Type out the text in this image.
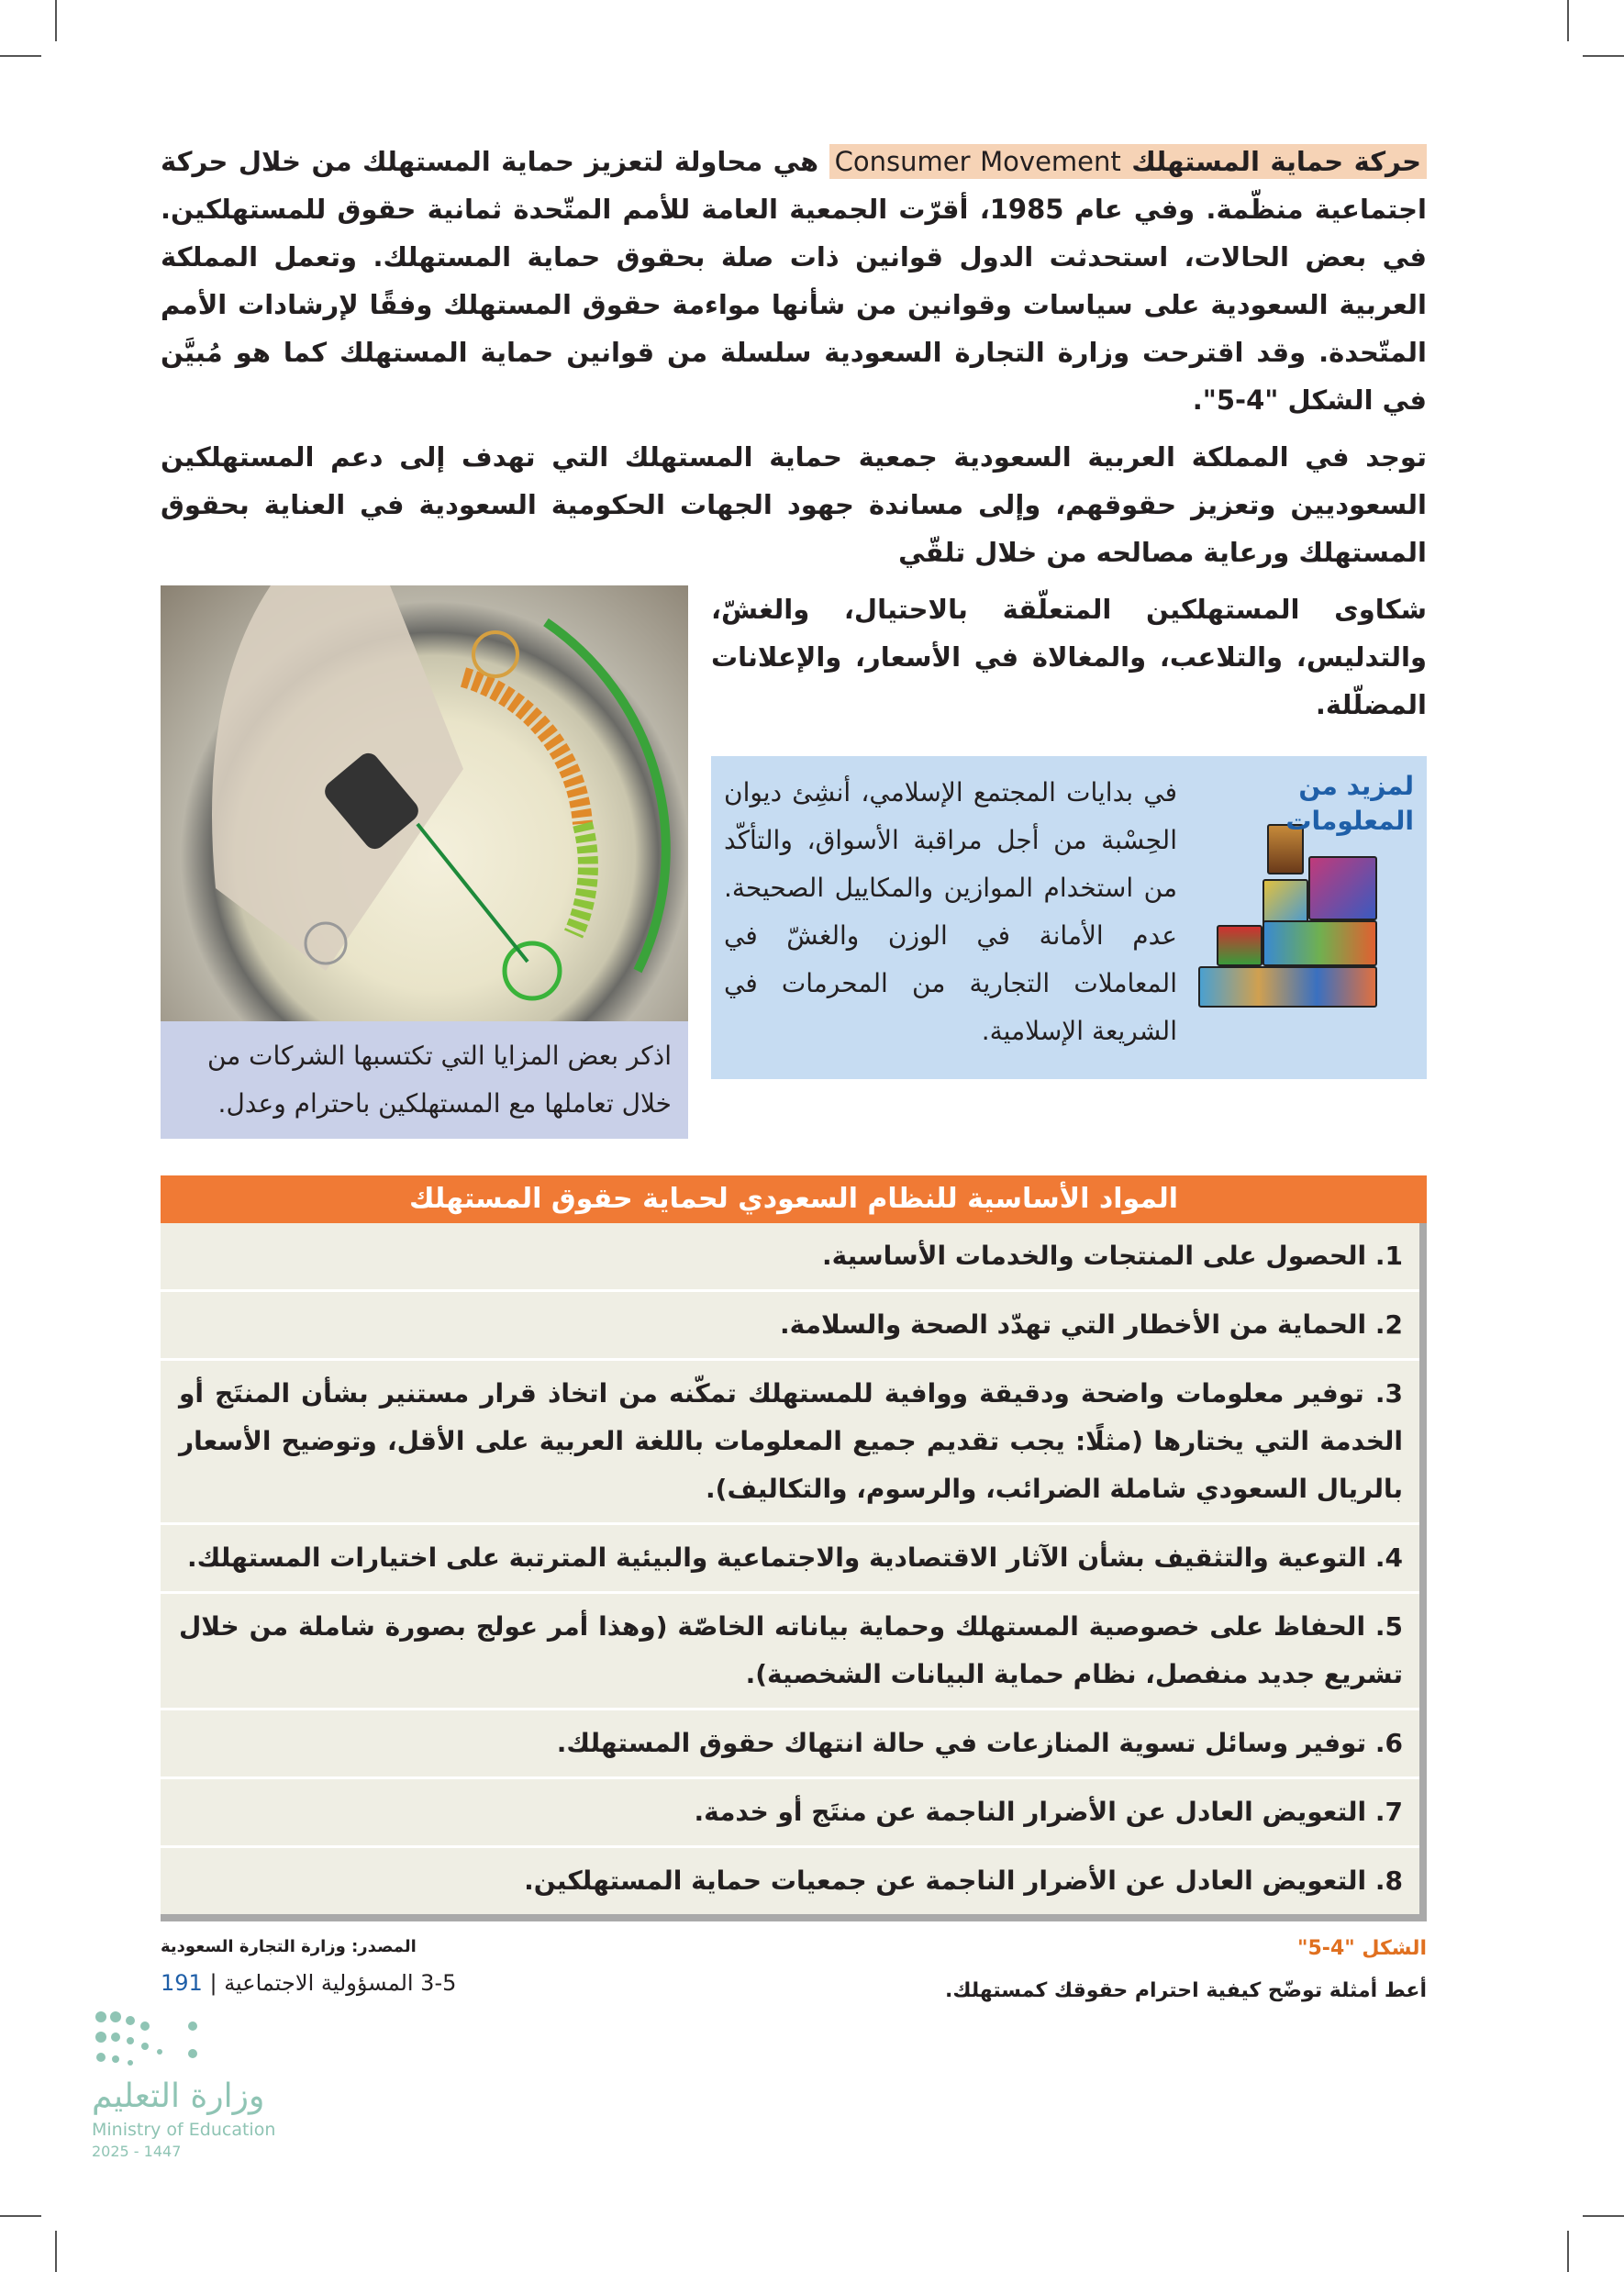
حركة حماية المستهلك Consumer Movement هي محاولة لتعزيز حماية المستهلك من خلال حركة اجتماعية منظّمة. وفي عام 1985، أقرّت الجمعية العامة للأمم المتّحدة ثمانية حقوق للمستهلكين. في بعض الحالات، استحدثت الدول قوانين ذات صلة بحقوق حماية المستهلك. وتعمل المملكة العربية السعودية على سياسات وقوانين من شأنها مواءمة حقوق المستهلك وفقًا لإرشادات الأمم المتّحدة. وقد اقترحت وزارة التجارة السعودية سلسلة من قوانين حماية المستهلك كما هو مُبيَّن في الشكل "4-5".

توجد في المملكة العربية السعودية جمعية حماية المستهلك التي تهدف إلى دعم المستهلكين السعوديين وتعزيز حقوقهم، وإلى مساندة جهود الجهات الحكومية السعودية في العناية بحقوق المستهلك ورعاية مصالحه من خلال تلقّي

اذكر بعض المزايا التي تكتسبها الشركات من خلال تعاملها مع المستهلكين باحترام وعدل.

شكاوى المستهلكين المتعلّقة بالاحتيال، والغشّ، والتدليس، والتلاعب، والمغالاة في الأسعار، والإعلانات المضلّلة.

لمزيد من المعلومات
في بدايات المجتمع الإسلامي، أنشِئ ديوان الحِسْبة من أجل مراقبة الأسواق، والتأكّد من استخدام الموازين والمكاييل الصحيحة. عدم الأمانة في الوزن والغشّ في المعاملات التجارية من المحرمات في الشريعة الإسلامية.
المواد الأساسية للنظام السعودي لحماية حقوق المستهلك
1. الحصول على المنتجات والخدمات الأساسية.
2. الحماية من الأخطار التي تهدّد الصحة والسلامة.
3. توفير معلومات واضحة ودقيقة ووافية للمستهلك تمكّنه من اتخاذ قرار مستنير بشأن المنتَج أو الخدمة التي يختارها (مثلًا: يجب تقديم جميع المعلومات باللغة العربية على الأقل، وتوضيح الأسعار بالريال السعودي شاملة الضرائب، والرسوم، والتكاليف).
4. التوعية والتثقيف بشأن الآثار الاقتصادية والاجتماعية والبيئية المترتبة على اختيارات المستهلك.
5. الحفاظ على خصوصية المستهلك وحماية بياناته الخاصّة (وهذا أمر عولج بصورة شاملة من خلال تشريع جديد منفصل، نظام حماية البيانات الشخصية).
6. توفير وسائل تسوية المنازعات في حالة انتهاك حقوق المستهلك.
7. التعويض العادل عن الأضرار الناجمة عن منتَج أو خدمة.
8. التعويض العادل عن الأضرار الناجمة عن جمعيات حماية المستهلكين.
المصدر: وزارة التجارة السعودية
3-5 المسؤولية الاجتماعية | 191
وزارة التعليم
Ministry of Education
2025 - 1447
الشكل "4-5"
أعط أمثلة توضّح كيفية احترام حقوقك كمستهلك.
